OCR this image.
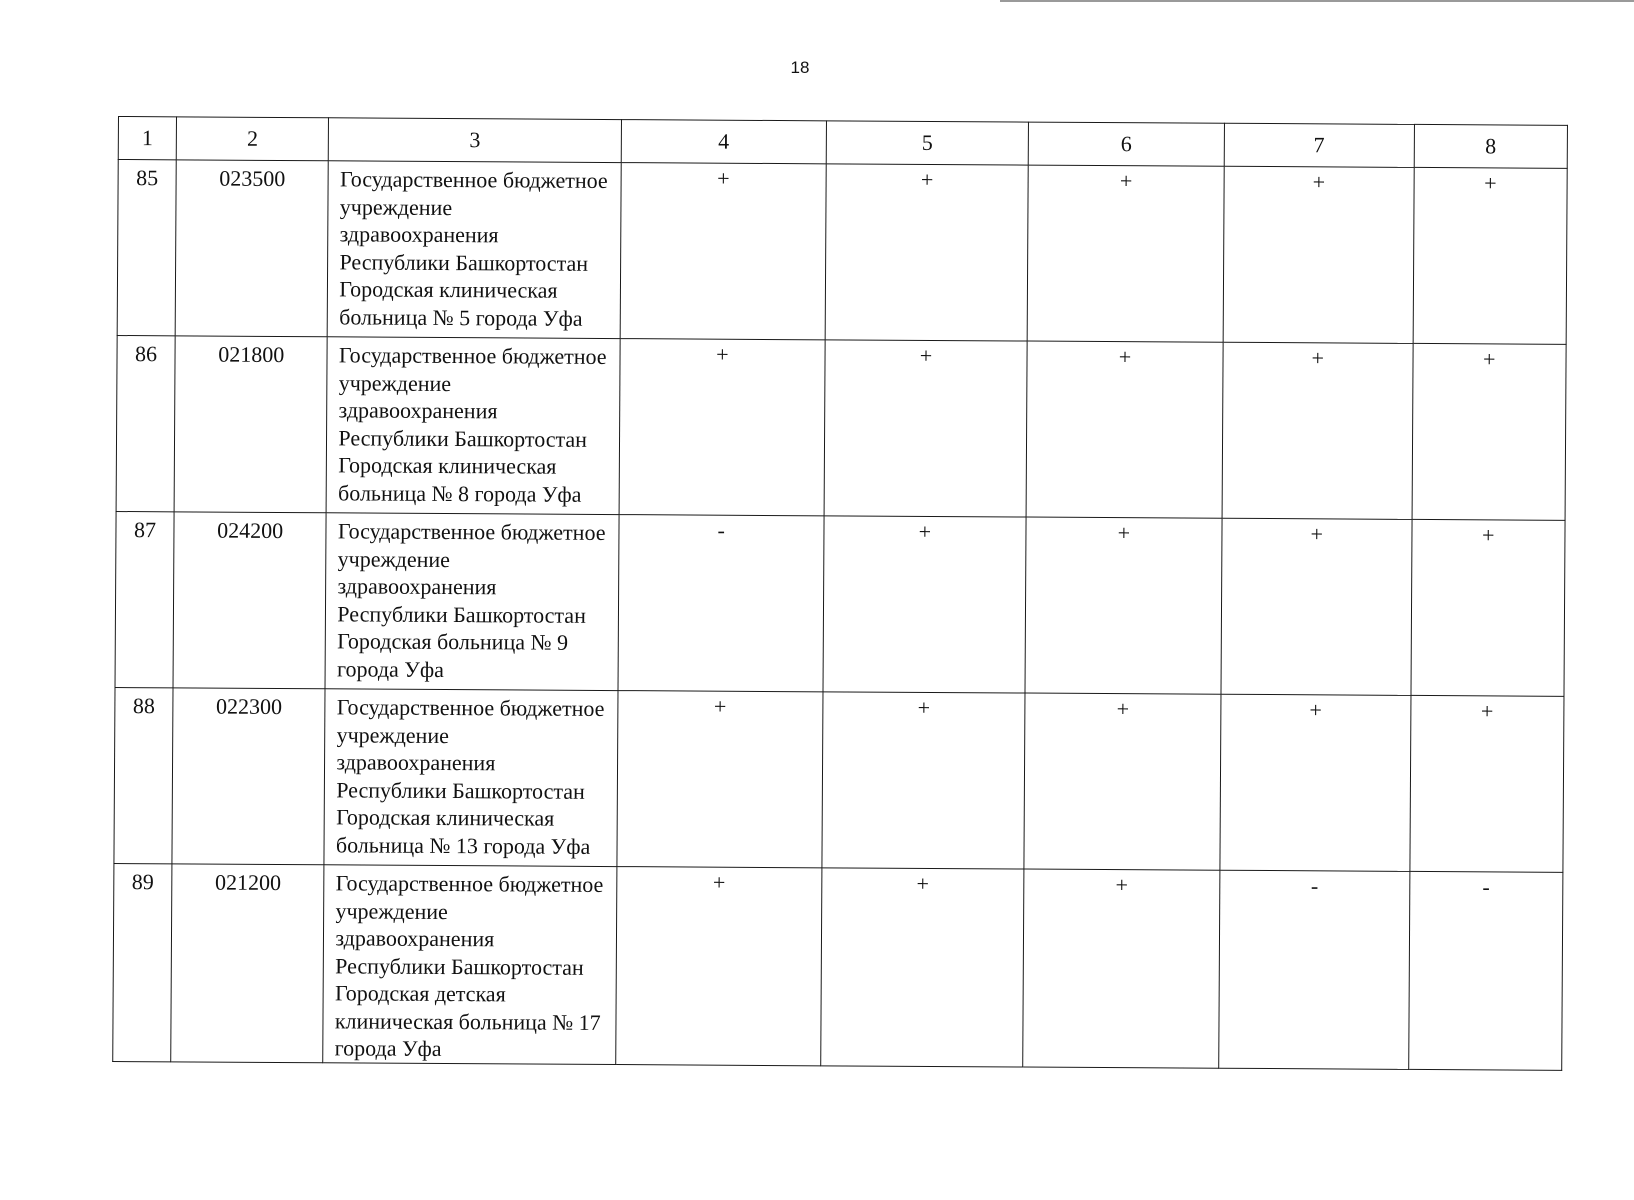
18
1	2	3	4	5	6	7	8
85	023500	Государственное бюджетное учреждение здравоохранения Республики Башкортостан Городская клиническая больница № 5 города Уфа	+	+	+	+	+
86	021800	Государственное бюджетное учреждение здравоохранения Республики Башкортостан Городская клиническая больница № 8 города Уфа	+	+	+	+	+
87	024200	Государственное бюджетное учреждение здравоохранения Республики Башкортостан Городская больница № 9 города Уфа	-	+	+	+	+
88	022300	Государственное бюджетное учреждение здравоохранения Республики Башкортостан Городская клиническая больница № 13 города Уфа	+	+	+	+	+
89	021200	Государственное бюджетное учреждение здравоохранения Республики Башкортостан Городская детская клиническая больница № 17 города Уфа	+	+	+	-	-
